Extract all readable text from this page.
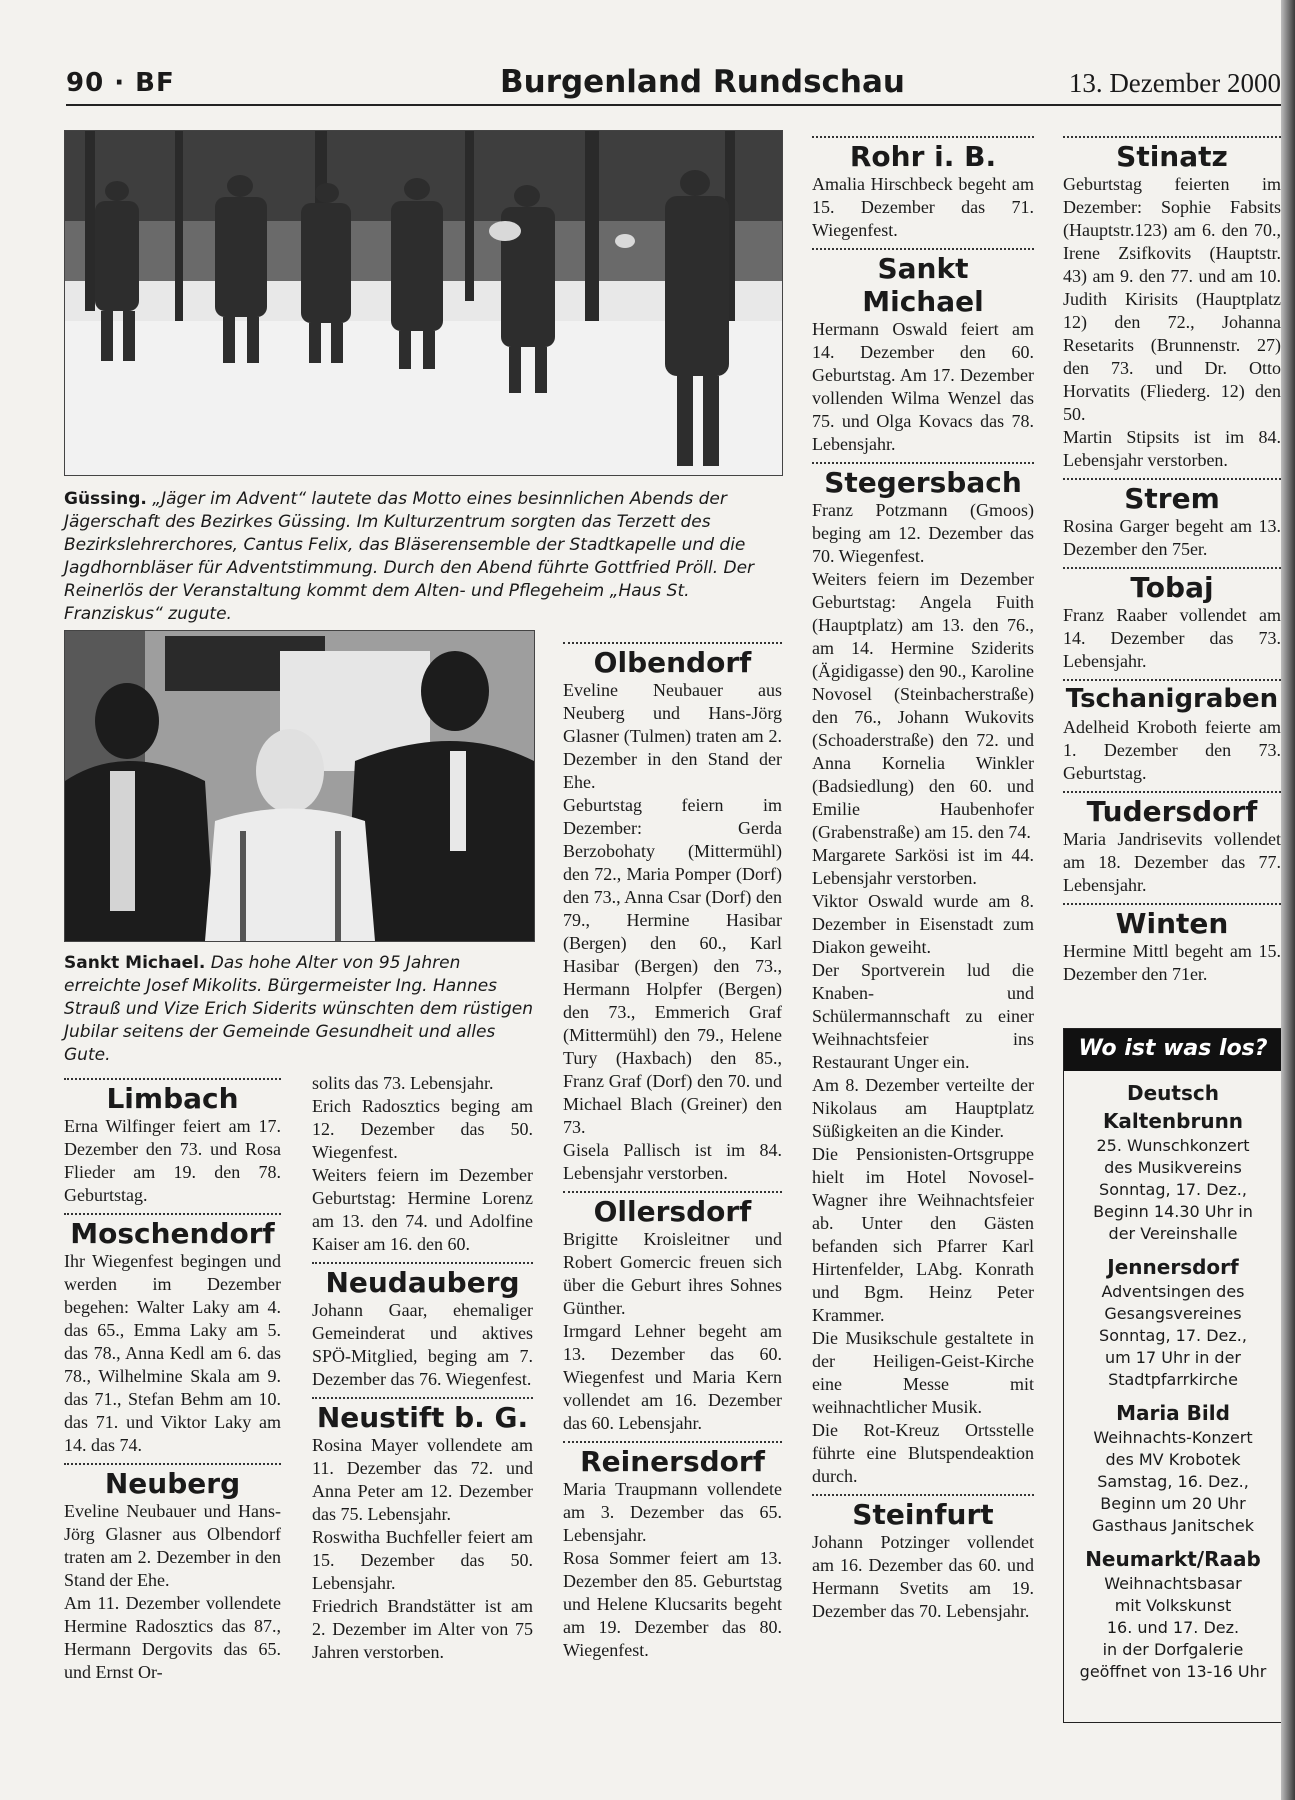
90 · BF	Burgenland Rundschau	13. Dezember 2000
Güssing. „Jäger im Advent“ lautete das Motto eines besinnlichen Abends der Jägerschaft des Bezirkes Güssing. Im Kulturzentrum sorgten das Terzett des Bezirkslehrerchores, Cantus Felix, das Bläserensemble der Stadtkapelle und die Jagdhornbläser für Adventstimmung. Durch den Abend führte Gottfried Pröll. Der Reinerlös der Veranstaltung kommt dem Alten- und Pflegeheim „Haus St. Franziskus“ zugute.
Sankt Michael. Das hohe Alter von 95 Jahren erreichte Josef Mikolits. Bürgermeister Ing. Hannes Strauß und Vize Erich Siderits wünschten dem rüstigen Jubilar seitens der Gemeinde Gesundheit und alles Gute.
Limbach

Erna Wilfinger feiert am 17. Dezember den 73. und Rosa Flieder am 19. den 78. Geburtstag.

Moschendorf

Ihr Wiegenfest begingen und werden im Dezember begehen: Walter Laky am 4. das 65., Emma Laky am 5. das 78., Anna Kedl am 6. das 78., Wilhelmine Skala am 9. das 71., Stefan Behm am 10. das 71. und Viktor Laky am 14. das 74.

Neuberg

Eveline Neubauer und Hans-Jörg Glasner aus Olbendorf traten am 2. Dezember in den Stand der Ehe.

Am 11. Dezember vollendete Hermine Radosztics das 87., Hermann Dergovits das 65. und Ernst Or-

solits das 73. Lebensjahr.

Erich Radosztics beging am 12. Dezember das 50. Wiegenfest.

Weiters feiern im Dezember Geburtstag: Hermine Lorenz am 13. den 74. und Adolfine Kaiser am 16. den 60.

Neudauberg

Johann Gaar, ehemaliger Gemeinderat und aktives SPÖ-Mitglied, beging am 7. Dezember das 76. Wiegenfest.

Neustift b. G.

Rosina Mayer vollendete am 11. Dezember das 72. und Anna Peter am 12. Dezember das 75. Lebensjahr.

Roswitha Buchfeller feiert am 15. Dezember das 50. Lebensjahr.

Friedrich Brandstätter ist am 2. Dezember im Alter von 75 Jahren verstorben.

Olbendorf

Eveline Neubauer aus Neuberg und Hans-Jörg Glasner (Tulmen) traten am 2. Dezember in den Stand der Ehe.

Geburtstag feiern im Dezember: Gerda Berzobohaty (Mittermühl) den 72., Maria Pomper (Dorf) den 73., Anna Csar (Dorf) den 79., Hermine Hasibar (Bergen) den 60., Karl Hasibar (Bergen) den 73., Hermann Holpfer (Bergen) den 73., Emmerich Graf (Mittermühl) den 79., Helene Tury (Haxbach) den 85., Franz Graf (Dorf) den 70. und Michael Blach (Greiner) den 73.

Gisela Pallisch ist im 84. Lebensjahr verstorben.

Ollersdorf

Brigitte Kroisleitner und Robert Gomercic freuen sich über die Geburt ihres Sohnes Günther.

Irmgard Lehner begeht am 13. Dezember das 60. Wiegenfest und Maria Kern vollendet am 16. Dezember das 60. Lebensjahr.

Reinersdorf

Maria Traupmann vollendete am 3. Dezember das 65. Lebensjahr.

Rosa Sommer feiert am 13. Dezember den 85. Geburtstag und Helene Klucsarits begeht am 19. Dezember das 80. Wiegenfest.

Rohr i. B.

Amalia Hirschbeck begeht am 15. Dezember das 71. Wiegenfest.

Sankt Michael

Hermann Oswald feiert am 14. Dezember den 60. Geburtstag. Am 17. Dezember vollenden Wilma Wenzel das 75. und Olga Kovacs das 78. Lebensjahr.

Stegersbach

Franz Potzmann (Gmoos) beging am 12. Dezember das 70. Wiegenfest.

Weiters feiern im Dezember Geburtstag: Angela Fuith (Hauptplatz) am 13. den 76., am 14. Hermine Sziderits (Ägidigasse) den 90., Karoline Novosel (Steinbacherstraße) den 76., Johann Wukovits (Schoaderstraße) den 72. und Anna Kornelia Winkler (Badsiedlung) den 60. und Emilie Haubenhofer (Grabenstraße) am 15. den 74.

Margarete Sarkösi ist im 44. Lebensjahr verstorben.

Viktor Oswald wurde am 8. Dezember in Eisenstadt zum Diakon geweiht.

Der Sportverein lud die Knaben- und Schülermannschaft zu einer Weihnachtsfeier ins Restaurant Unger ein.

Am 8. Dezember verteilte der Nikolaus am Hauptplatz Süßigkeiten an die Kinder.

Die Pensionisten-Ortsgruppe hielt im Hotel Novosel-Wagner ihre Weihnachtsfeier ab. Unter den Gästen befanden sich Pfarrer Karl Hirtenfelder, LAbg. Konrath und Bgm. Heinz Peter Krammer.

Die Musikschule gestaltete in der Heiligen-Geist-Kirche eine Messe mit weihnachtlicher Musik.

Die Rot-Kreuz Ortsstelle führte eine Blutspendeaktion durch.

Steinfurt

Johann Potzinger vollendet am 16. Dezember das 60. und Hermann Svetits am 19. Dezember das 70. Lebensjahr.

Stinatz

Geburtstag feierten im Dezember: Sophie Fabsits (Hauptstr.123) am 6. den 70., Irene Zsifkovits (Hauptstr. 43) am 9. den 77. und am 10. Judith Kirisits (Hauptplatz 12) den 72., Johanna Resetarits (Brunnenstr. 27) den 73. und Dr. Otto Horvatits (Fliederg. 12) den 50.

Martin Stipsits ist im 84. Lebensjahr verstorben.

Strem

Rosina Garger begeht am 13. Dezember den 75er.

Tobaj

Franz Raaber vollendet am 14. Dezember das 73. Lebensjahr.

Tschanigraben

Adelheid Kroboth feierte am 1. Dezember den 73. Geburtstag.

Tudersdorf

Maria Jandrisevits vollendet am 18. Dezember das 77. Lebensjahr.

Winten

Hermine Mittl begeht am 15. Dezember den 71er.

Wo ist was los?
Deutsch Kaltenbrunn
25. Wunschkonzert
des Musikvereins
Sonntag, 17. Dez.,
Beginn 14.30 Uhr in
der Vereinshalle
Jennersdorf
Adventsingen des
Gesangsvereines
Sonntag, 17. Dez.,
um 17 Uhr in der
Stadtpfarrkirche
Maria Bild
Weihnachts-Konzert
des MV Krobotek
Samstag, 16. Dez.,
Beginn um 20 Uhr
Gasthaus Janitschek
Neumarkt/Raab
Weihnachtsbasar
mit Volkskunst
16. und 17. Dez.
in der Dorfgalerie
geöffnet von 13-16 Uhr
